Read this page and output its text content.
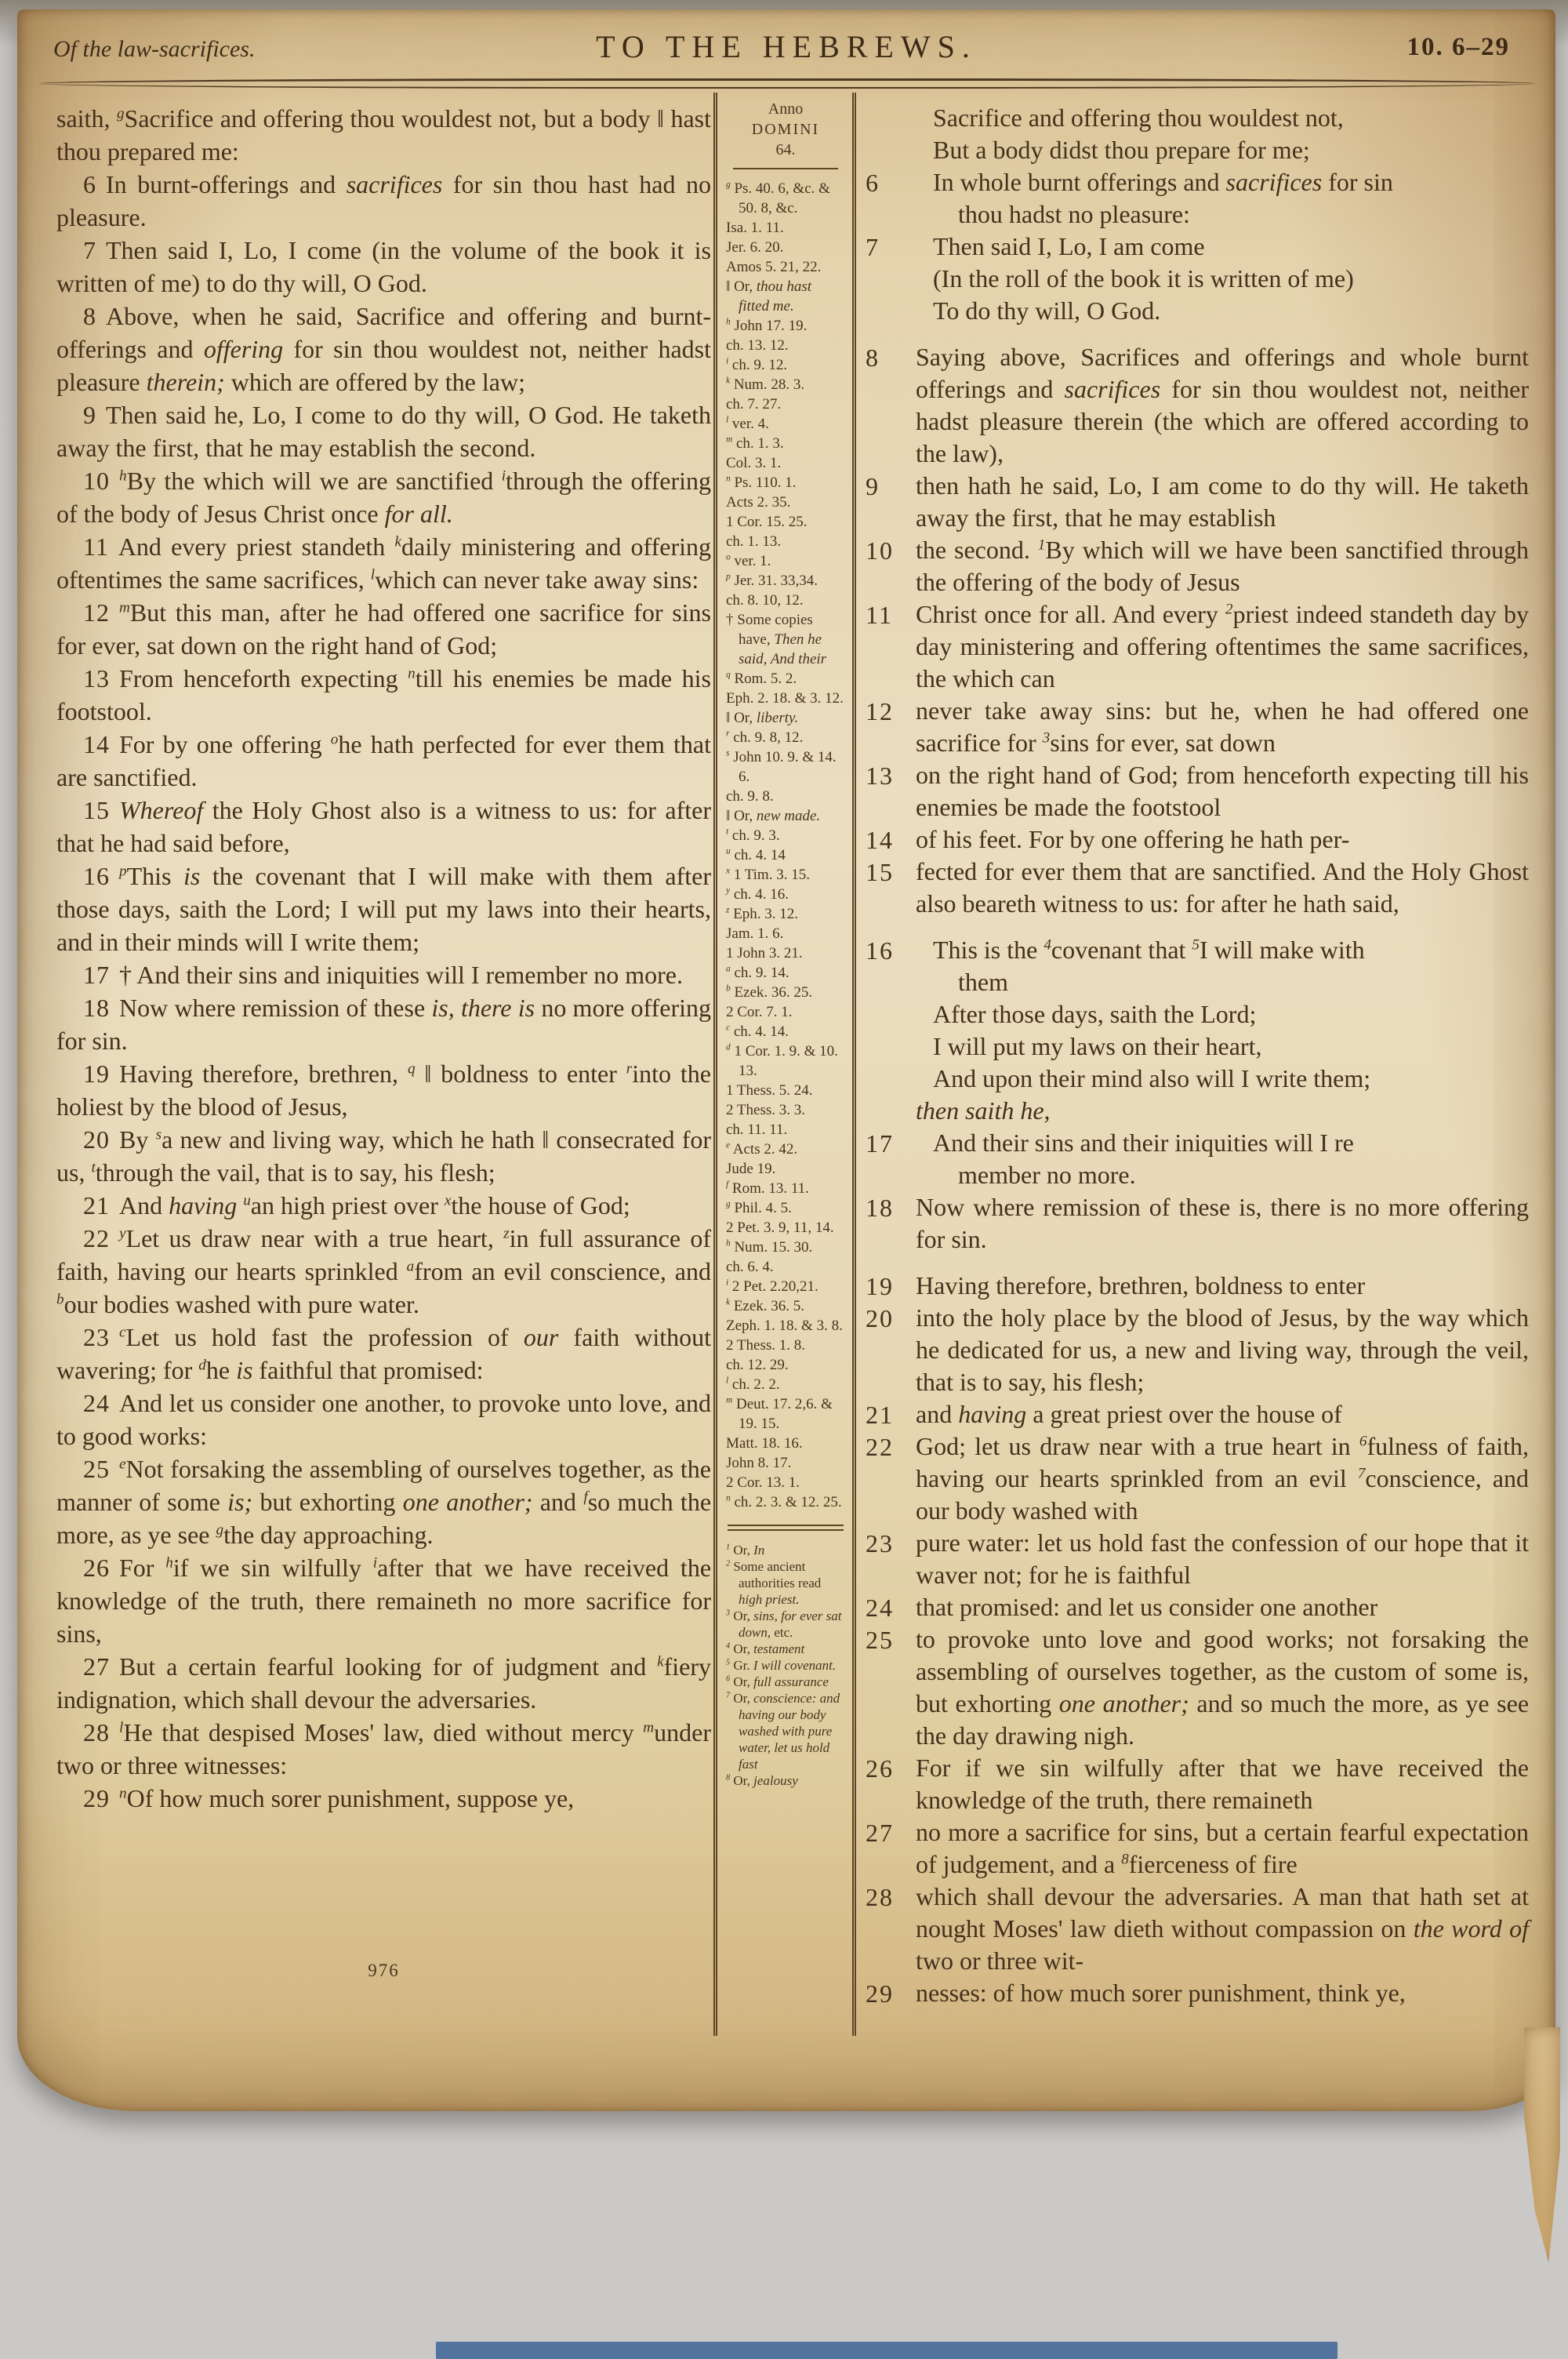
Of the law-sacrifices.	TO THE HEBREWS.	10. 6–29

saith, $^g$Sacrifice and offering thou wouldest not, but a body ‖ hast thou prepared me:

6 In burnt-offerings and sacrifices for sin thou hast had no pleasure.

7 Then said I, Lo, I come (in the volume of the book it is written of me) to do thy will, O God.

8 Above, when he said, Sacrifice and offering and burnt-offerings and offering for sin thou wouldest not, neither hadst pleasure therein; which are offered by the law;

9 Then said he, Lo, I come to do thy will, O God. He taketh away the first, that he may establish the second.

10 $^h$By the which will we are sanctified $^i$through the offering of the body of Jesus Christ once for all.

11 And every priest standeth $^k$daily ministering and offering oftentimes the same sacrifices, $^l$which can never take away sins:

12 $^m$But this man, after he had offered one sacrifice for sins for ever, sat down on the right hand of God;

13 From henceforth expecting $^n$till his enemies be made his footstool.

14 For by one offering $^o$he hath perfected for ever them that are sanctified.

15 Whereof the Holy Ghost also is a witness to us: for after that he had said before,

16 $^p$This is the covenant that I will make with them after those days, saith the Lord; I will put my laws into their hearts, and in their minds will I write them;

17 † And their sins and iniquities will I remember no more.

18 Now where remission of these is, there is no more offering for sin.

19 Having therefore, brethren, $^q$ ‖ boldness to enter $^r$into the holiest by the blood of Jesus,

20 By $^s$a new and living way, which he hath ‖ consecrated for us, $^t$through the vail, that is to say, his flesh;

21 And having $^u$an high priest over $^x$the house of God;

22 $^y$Let us draw near with a true heart, $^z$in full assurance of faith, having our hearts sprinkled $^a$from an evil conscience, and $^b$our bodies washed with pure water.

23 $^c$Let us hold fast the profession of our faith without wavering; for $^d$he is faithful that promised:

24 And let us consider one another, to provoke unto love, and to good works:

25 $^e$Not forsaking the assembling of ourselves together, as the manner of some is; but exhorting one another; and $^f$so much the more, as ye see $^g$the day approaching.

26 For $^h$if we sin wilfully $^i$after that we have received the knowledge of the truth, there remaineth no more sacrifice for sins,

27 But a certain fearful looking for of judgment and $^k$fiery indignation, which shall devour the adversaries.

28 $^l$He that despised Moses' law, died without mercy $^m$under two or three witnesses:

29 $^n$Of how much sorer punishment, suppose ye,

Anno
DOMINI
64.
$^g$ Ps. 40. 6, &c. & 50. 8, &c.
Isa. 1. 11.
Jer. 6. 20.
Amos 5. 21, 22.
‖ Or, thou hast fitted me.
$^h$ John 17. 19.
ch. 13. 12.
$^i$ ch. 9. 12.
$^k$ Num. 28. 3.
ch. 7. 27.
$^l$ ver. 4.
$^m$ ch. 1. 3.
Col. 3. 1.
$^n$ Ps. 110. 1.
Acts 2. 35.
1 Cor. 15. 25.
ch. 1. 13.
$^o$ ver. 1.
$^p$ Jer. 31. 33,34.
ch. 8. 10, 12.
† Some copies have, Then he said, And their
$^q$ Rom. 5. 2.
Eph. 2. 18. & 3. 12.
‖ Or, liberty.
$^r$ ch. 9. 8, 12.
$^s$ John 10. 9. & 14. 6.
ch. 9. 8.
‖ Or, new made.
$^t$ ch. 9. 3.
$^u$ ch. 4. 14
$^x$ 1 Tim. 3. 15.
$^y$ ch. 4. 16.
$^z$ Eph. 3. 12.
Jam. 1. 6.
1 John 3. 21.
$^a$ ch. 9. 14.
$^b$ Ezek. 36. 25.
2 Cor. 7. 1.
$^c$ ch. 4. 14.
$^d$ 1 Cor. 1. 9. & 10. 13.
1 Thess. 5. 24.
2 Thess. 3. 3.
ch. 11. 11.
$^e$ Acts 2. 42.
Jude 19.
$^f$ Rom. 13. 11.
$^g$ Phil. 4. 5.
2 Pet. 3. 9, 11, 14.
$^h$ Num. 15. 30.
ch. 6. 4.
$^i$ 2 Pet. 2.20,21.
$^k$ Ezek. 36. 5.
Zeph. 1. 18. & 3. 8.
2 Thess. 1. 8.
ch. 12. 29.
$^l$ ch. 2. 2.
$^m$ Deut. 17. 2,6. & 19. 15.
Matt. 18. 16.
John 8. 17.
2 Cor. 13. 1.
$^n$ ch. 2. 3. & 12. 25.
$^1$ Or, In
$^2$ Some ancient authorities read high priest.
$^3$ Or, sins, for ever sat down, etc.
$^4$ Or, testament
$^5$ Gr. I will covenant.
$^6$ Or, full assurance
$^7$ Or, conscience: and having our body washed with pure water, let us hold fast
$^8$ Or, jealousy

Sacrifice and offering thou wouldest not,
But a body didst thou prepare for me;

6	In whole burnt offerings and sacrifices for sin
thou hadst no pleasure:

7	Then said I, Lo, I am come
(In the roll of the book it is written of me)
To do thy will, O God.

8	Saying above, Sacrifices and offerings and whole burnt offerings and sacrifices for sin thou wouldest not, neither hadst pleasure therein (the which are offered according to the law),

9	then hath he said, Lo, I am come to do thy will. He taketh away the first, that he may establish

10 the second. $^1$By which will we have been sanctified through the offering of the body of Jesus

11 Christ once for all. And every $^2$priest indeed standeth day by day ministering and offering oftentimes the same sacrifices, the which can

12 never take away sins: but he, when he had offered one sacrifice for $^3$sins for ever, sat down

13 on the right hand of God; from henceforth expecting till his enemies be made the footstool

14 of his feet. For by one offering he hath per-

15 fected for ever them that are sanctified. And the Holy Ghost also beareth witness to us: for after he hath said,

16	This is the $^4$covenant that $^5$I will make with
them
After those days, saith the Lord;
I will put my laws on their heart,
And upon their mind also will I write them;

then saith he,

17	And their sins and their iniquities will I re
member no more.

18 Now where remission of these is, there is no more offering for sin.

19 Having therefore, brethren, boldness to enter

20 into the holy place by the blood of Jesus, by the way which he dedicated for us, a new and living way, through the veil, that is to say, his flesh;

21 and having a great priest over the house of

22 God; let us draw near with a true heart in $^6$fulness of faith, having our hearts sprinkled from an evil $^7$conscience, and our body washed with

23 pure water: let us hold fast the confession of our hope that it waver not; for he is faithful

24 that promised: and let us consider one another

25 to provoke unto love and good works; not forsaking the assembling of ourselves together, as the custom of some is, but exhorting one another; and so much the more, as ye see the day drawing nigh.

26 For if we sin wilfully after that we have received the knowledge of the truth, there remaineth

27 no more a sacrifice for sins, but a certain fearful expectation of judgement, and a $^8$fierceness of fire

28 which shall devour the adversaries. A man that hath set at nought Moses' law dieth without compassion on the word of two or three wit-

29 nesses: of how much sorer punishment, think ye,

976
